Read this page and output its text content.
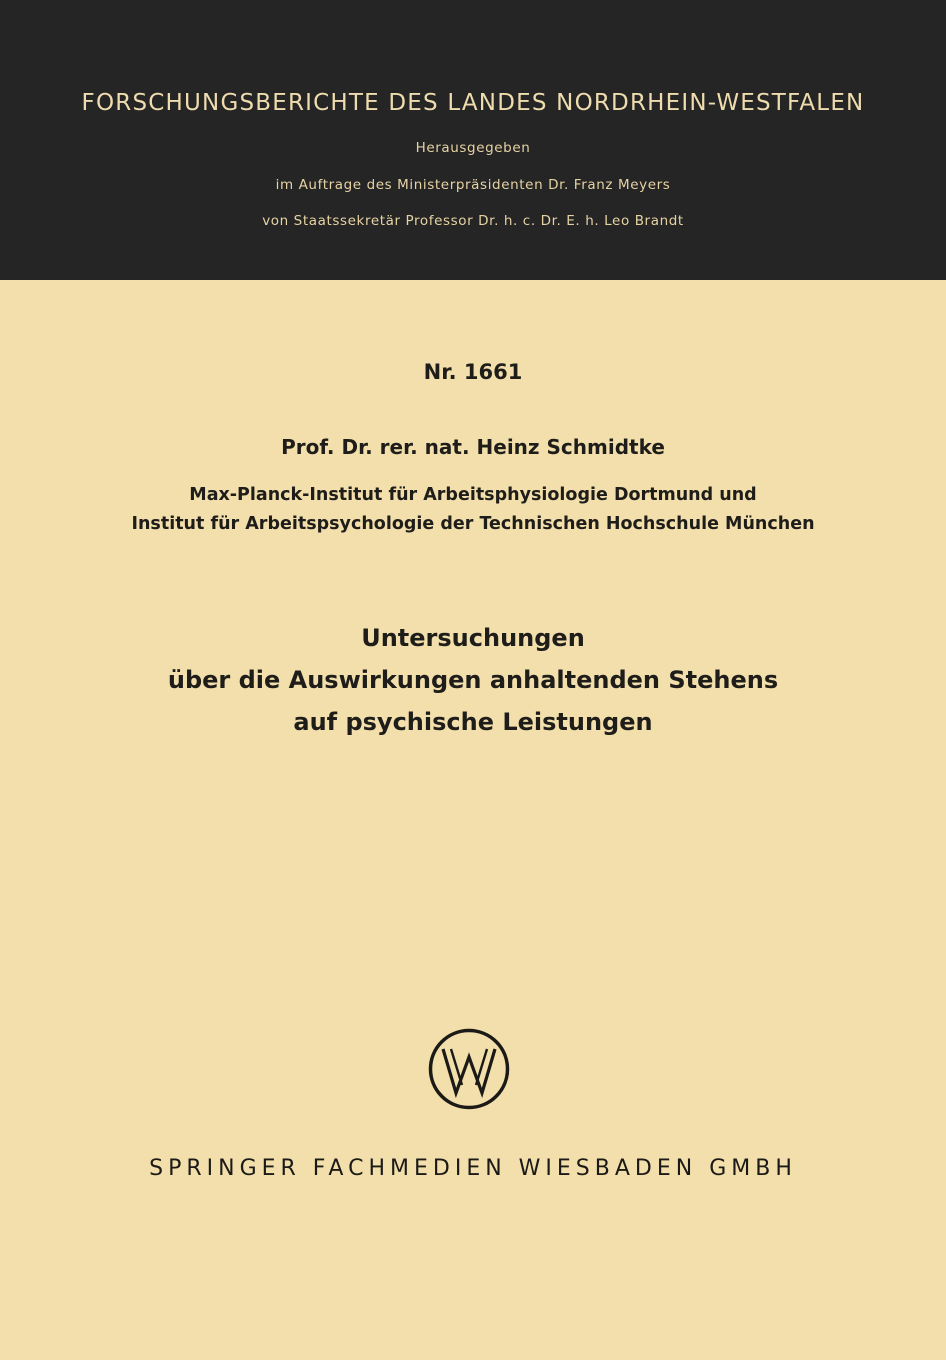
FORSCHUNGSBERICHTE DES LANDES NORDRHEIN-WESTFALEN
Herausgegeben
im Auftrage des Ministerpräsidenten Dr. Franz Meyers
von Staatssekretär Professor Dr. h. c. Dr. E. h. Leo Brandt
Nr. 1661
Prof. Dr. rer. nat. Heinz Schmidtke
Max-Planck-Institut für Arbeitsphysiologie Dortmund und
Institut für Arbeitspsychologie der Technischen Hochschule München
Untersuchungen
über die Auswirkungen anhaltenden Stehens
auf psychische Leistungen
SPRINGER FACHMEDIEN WIESBADEN GMBH
